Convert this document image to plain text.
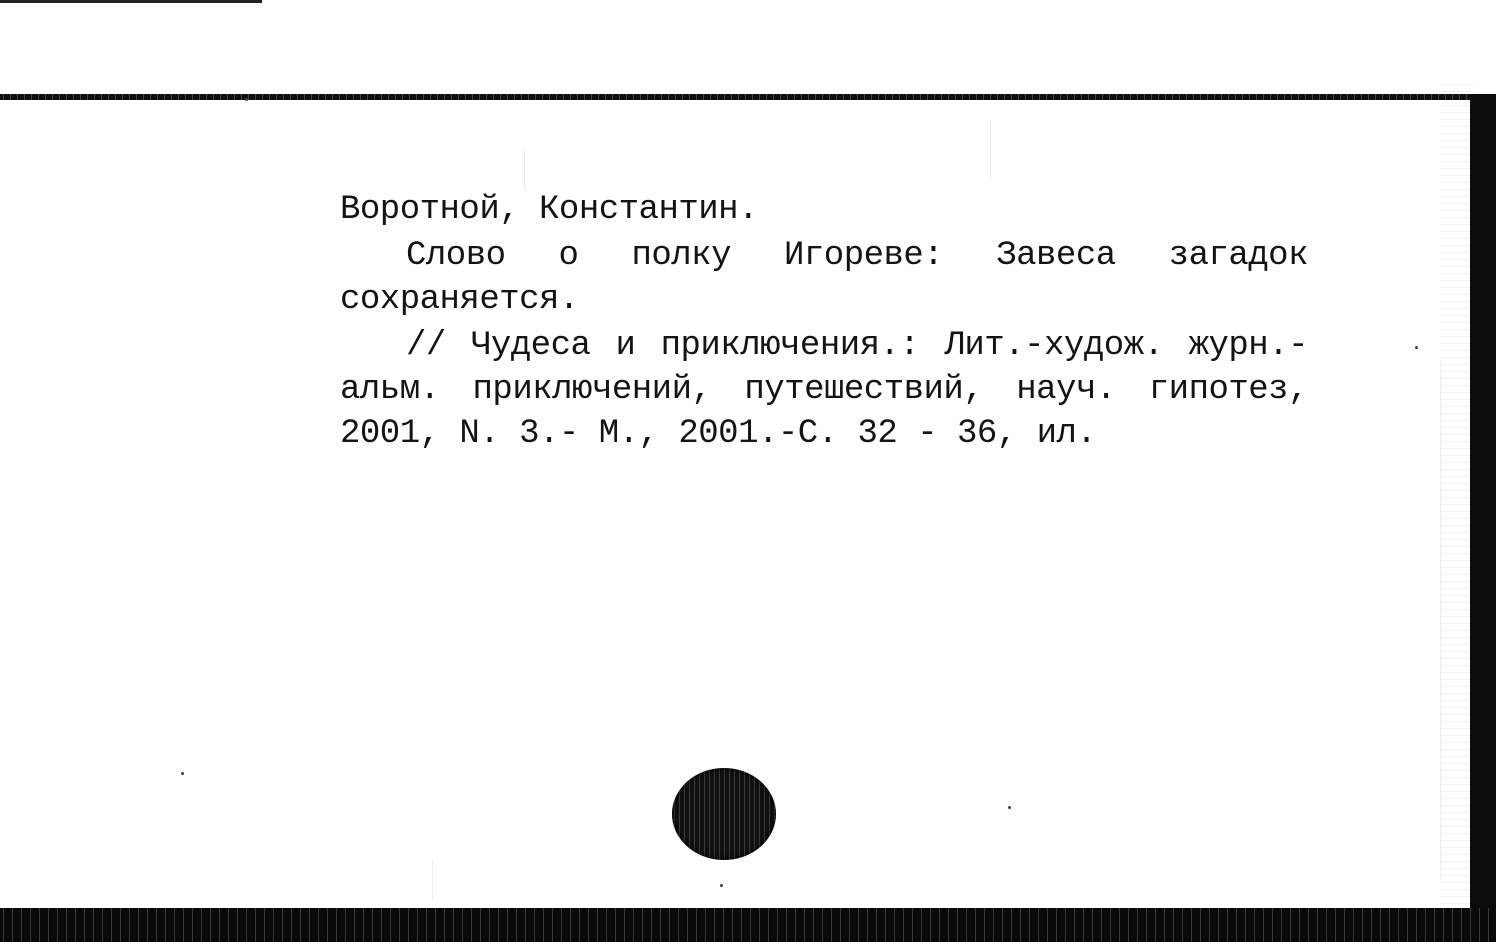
Воротной, Константин.

Слово о полку Игореве: Завеса загадок сохраняется.

// Чудеса и приключения.: Лит.-худож. журн.-альм. приключений, путешествий, науч. гипотез, 2001, N. 3.- М., 2001.-С. 32 - 36, ил.
